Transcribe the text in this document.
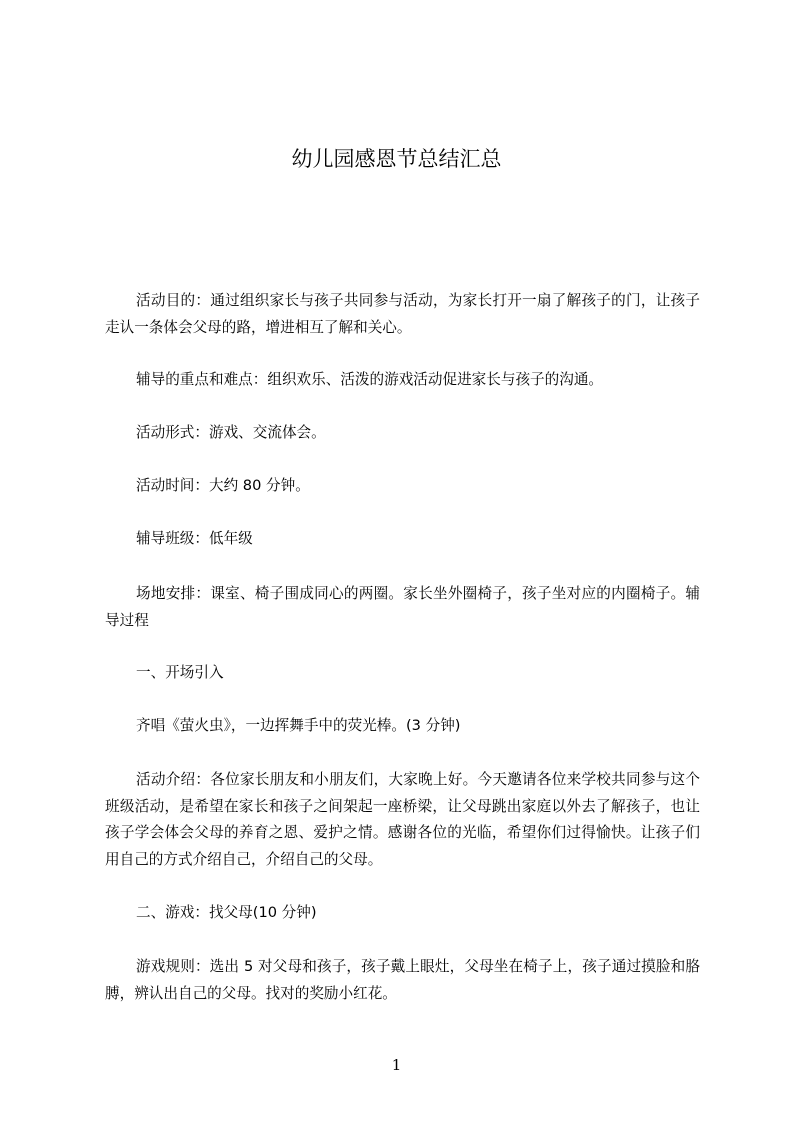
幼儿园感恩节总结汇总
活动目的：通过组织家长与孩子共同参与活动，为家长打开一扇了解孩子的门，让孩子走认一条体会父母的路，增进相互了解和关心。
辅导的重点和难点：组织欢乐、活泼的游戏活动促进家长与孩子的沟通。
活动形式：游戏、交流体会。
活动时间：大约 80 分钟。
辅导班级：低年级
场地安排：课室、椅子围成同心的两圈。家长坐外圈椅子，孩子坐对应的内圈椅子。辅导过程
一、开场引入
齐唱《萤火虫》，一边挥舞手中的荧光棒。(3 分钟)
活动介绍：各位家长朋友和小朋友们，大家晚上好。今天邀请各位来学校共同参与这个班级活动，是希望在家长和孩子之间架起一座桥梁，让父母跳出家庭以外去了解孩子，也让孩子学会体会父母的养育之恩、爱护之情。感谢各位的光临，希望你们过得愉快。让孩子们用自己的方式介绍自己，介绍自己的父母。
二、游戏：找父母(10 分钟)
游戏规则：选出 5 对父母和孩子，孩子戴上眼灶，父母坐在椅子上，孩子通过摸脸和胳膊，辨认出自己的父母。找对的奖励小红花。
1
